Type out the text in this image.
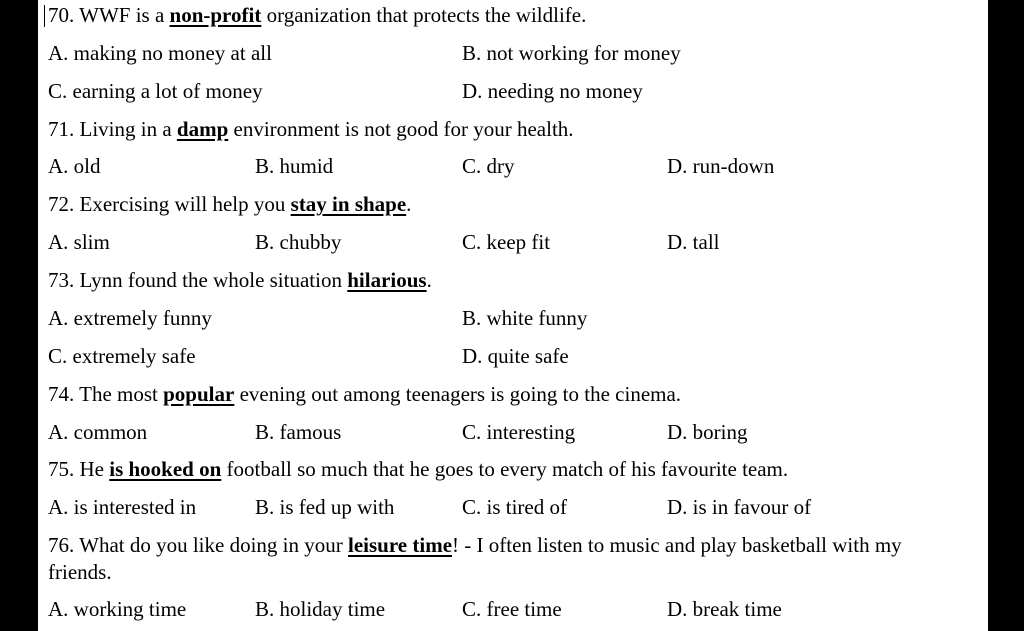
70. WWF is a non-profit organization that protects the wildlife.

A. making no money at all	B. not working for money
C. earning a lot of money	D. needing no money

71. Living in a damp environment is not good for your health.

A. old	B. humid	C. dry	D. run-down

72. Exercising will help you stay in shape.

A. slim	B. chubby	C. keep fit	D. tall

73. Lynn found the whole situation hilarious.

A. extremely funny	B. white funny
C. extremely safe	D. quite safe

74. The most popular evening out among teenagers is going to the cinema.

A. common	B. famous	C. interesting	D. boring

75. He is hooked on football so much that he goes to every match of his favourite team.

A. is interested in	B. is fed up with	C. is tired of	D. is in favour of

76. What do you like doing in your leisure time! - I often listen to music and play basketball with my friends.

A. working time	B. holiday time	C. free time	D. break time
